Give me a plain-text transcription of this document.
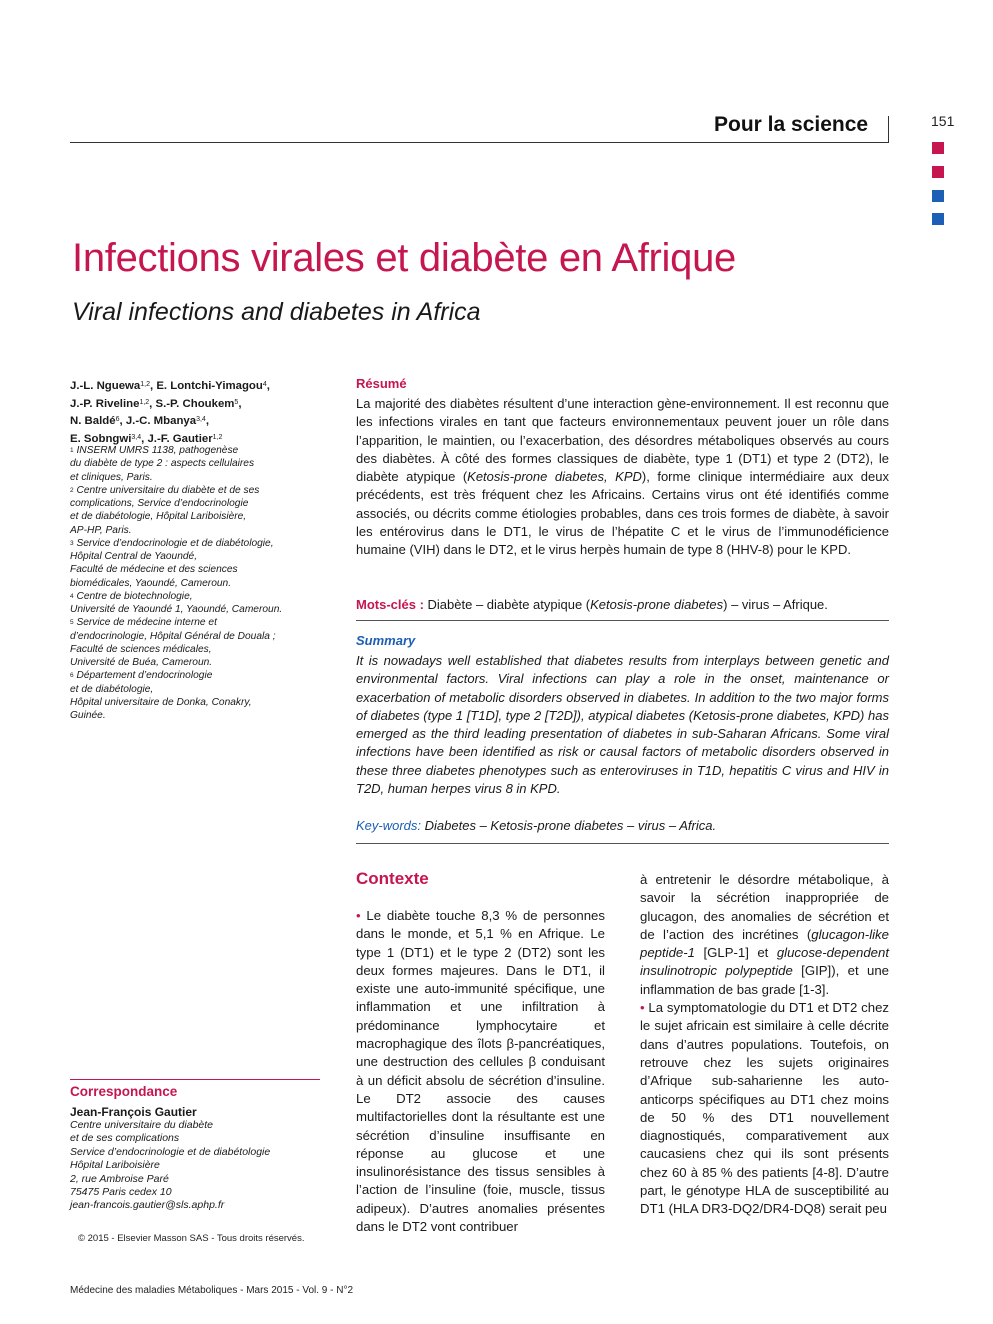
Pour la science	151
Infections virales et diabète en Afrique
Viral infections and diabetes in Africa
J.-L. Nguewa$^{1,2}$, E. Lontchi-Yimagou$^4$,
J.-P. Riveline$^{1,2}$, S.-P. Choukem$^5$,
N. Baldé$^6$, J.-C. Mbanya$^{3,4}$,
E. Sobngwi$^{3,4}$, J.-F. Gautier$^{1,2}$
$^1$ INSERM UMRS 1138, pathogenèse
du diabète de type 2 : aspects cellulaires
et cliniques, Paris.
$^2$ Centre universitaire du diabète et de ses
complications, Service d’endocrinologie
et de diabétologie, Hôpital Lariboisière,
AP-HP, Paris.
$^3$ Service d’endocrinologie et de diabétologie,
Hôpital Central de Yaoundé,
Faculté de médecine et des sciences
biomédicales, Yaoundé, Cameroun.
$^4$ Centre de biotechnologie,
Université de Yaoundé 1, Yaoundé, Cameroun.
$^5$ Service de médecine interne et
d’endocrinologie, Hôpital Général de Douala ;
Faculté de sciences médicales,
Université de Buéa, Cameroun.
$^6$ Département d’endocrinologie
et de diabétologie,
Hôpital universitaire de Donka, Conakry,
Guinée.
Correspondance
Jean-François Gautier
Centre universitaire du diabète
et de ses complications
Service d’endocrinologie et de diabétologie
Hôpital Lariboisière
2, rue Ambroise Paré
75475 Paris cedex 10
jean-francois.gautier@sls.aphp.fr
© 2015 - Elsevier Masson SAS - Tous droits réservés.
Résumé
La majorité des diabètes résultent d’une interaction gène-environnement. Il est reconnu que les infections virales en tant que facteurs environnementaux peuvent jouer un rôle dans l’apparition, le maintien, ou l’exacerbation, des désordres métaboliques observés au cours des diabètes. À côté des formes classiques de diabète, type 1 (DT1) et type 2 (DT2), le diabète atypique (Ketosis-prone diabetes, KPD), forme clinique intermédiaire aux deux précédents, est très fréquent chez les Africains. Certains virus ont été identifiés comme associés, ou décrits comme étiologies probables, dans ces trois formes de diabète, à savoir les entérovirus dans le DT1, le virus de l’hépatite C et le virus de l’immunodéficience humaine (VIH) dans le DT2, et le virus herpès humain de type 8 (HHV-8) pour le KPD.
Mots-clés : Diabète – diabète atypique (Ketosis-prone diabetes) – virus – Afrique.
Summary
It is nowadays well established that diabetes results from interplays between genetic and environmental factors. Viral infections can play a role in the onset, maintenance or exacerbation of metabolic disorders observed in diabetes. In addition to the two major forms of diabetes (type 1 [T1D], type 2 [T2D]), atypical diabetes (Ketosis-prone diabetes, KPD) has emerged as the third leading presentation of diabetes in sub-Saharan Africans. Some viral infections have been identified as risk or causal factors of metabolic disorders observed in these three diabetes phenotypes such as enteroviruses in T1D, hepatitis C virus and HIV in T2D, human herpes virus 8 in KPD.
Key-words: Diabetes – Ketosis-prone diabetes – virus – Africa.
Contexte

• Le diabète touche 8,3 % de personnes dans le monde, et 5,1 % en Afrique. Le type 1 (DT1) et le type 2 (DT2) sont les deux formes majeures. Dans le DT1, il existe une auto-immunité spécifique, une inflammation et une infiltration à prédominance lymphocytaire et macrophagique des îlots β-pancréatiques, une destruction des cellules β conduisant à un déficit absolu de sécrétion d’insuline. Le DT2 associe des causes multifactorielles dont la résultante est une sécrétion d’insuline insuffisante en réponse au glucose et une insulinorésistance des tissus sensibles à l’action de l’insuline (foie, muscle, tissus adipeux). D’autres anomalies présentes dans le DT2 vont contribuer

à entretenir le désordre métabolique, à savoir la sécrétion inappropriée de glucagon, des anomalies de sécrétion et de l’action des incrétines (glucagon-like peptide-1 [GLP-1] et glucose-dependent insulinotropic polypeptide [GIP]), et une inflammation de bas grade [1-3].

• La symptomatologie du DT1 et DT2 chez le sujet africain est similaire à celle décrite dans d’autres populations. Toutefois, on retrouve chez les sujets originaires d’Afrique sub-saharienne les auto-anticorps spécifiques au DT1 chez moins de 50 % des DT1 nouvellement diagnostiqués, comparativement aux caucasiens chez qui ils sont présents chez 60 à 85 % des patients [4-8]. D’autre part, le génotype HLA de susceptibilité au DT1 (HLA DR3-DQ2/DR4-DQ8) serait peu

Médecine des maladies Métaboliques - Mars 2015 - Vol. 9 - N°2
